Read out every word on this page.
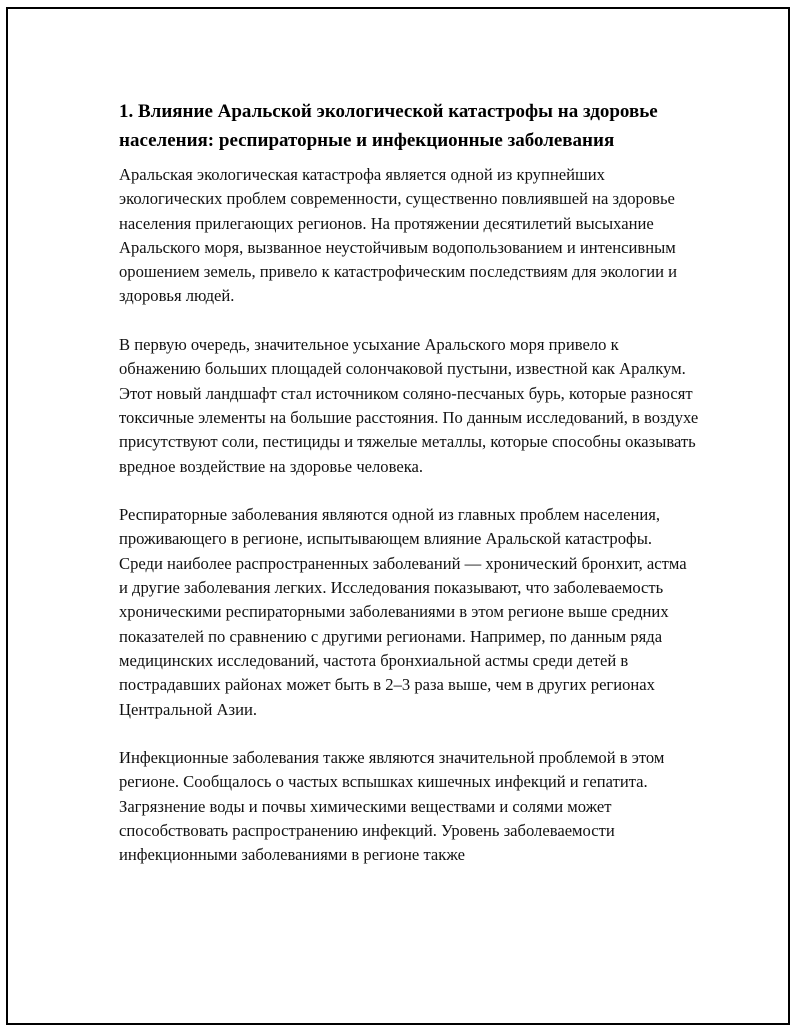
1. Влияние Аральской экологической катастрофы на здоровье населения: респираторные и инфекционные заболевания

Аральская экологическая катастрофа является одной из крупнейших экологических проблем современности, существенно повлиявшей на здоровье населения прилегающих регионов. На протяжении десятилетий высыхание Аральского моря, вызванное неустойчивым водопользованием и интенсивным орошением земель, привело к катастрофическим последствиям для экологии и здоровья людей.

В первую очередь, значительное усыхание Аральского моря привело к обнажению больших площадей солончаковой пустыни, известной как Аралкум. Этот новый ландшафт стал источником соляно-песчаных бурь, которые разносят токсичные элементы на большие расстояния. По данным исследований, в воздухе присутствуют соли, пестициды и тяжелые металлы, которые способны оказывать вредное воздействие на здоровье человека.

Респираторные заболевания являются одной из главных проблем населения, проживающего в регионе, испытывающем влияние Аральской катастрофы. Среди наиболее распространенных заболеваний — хронический бронхит, астма и другие заболевания легких. Исследования показывают, что заболеваемость хроническими респираторными заболеваниями в этом регионе выше средних показателей по сравнению с другими регионами. Например, по данным ряда медицинских исследований, частота бронхиальной астмы среди детей в пострадавших районах может быть в 2–3 раза выше, чем в других регионах Центральной Азии.

Инфекционные заболевания также являются значительной проблемой в этом регионе. Сообщалось о частых вспышках кишечных инфекций и гепатита. Загрязнение воды и почвы химическими веществами и солями может способствовать распространению инфекций. Уровень заболеваемости инфекционными заболеваниями в регионе также
